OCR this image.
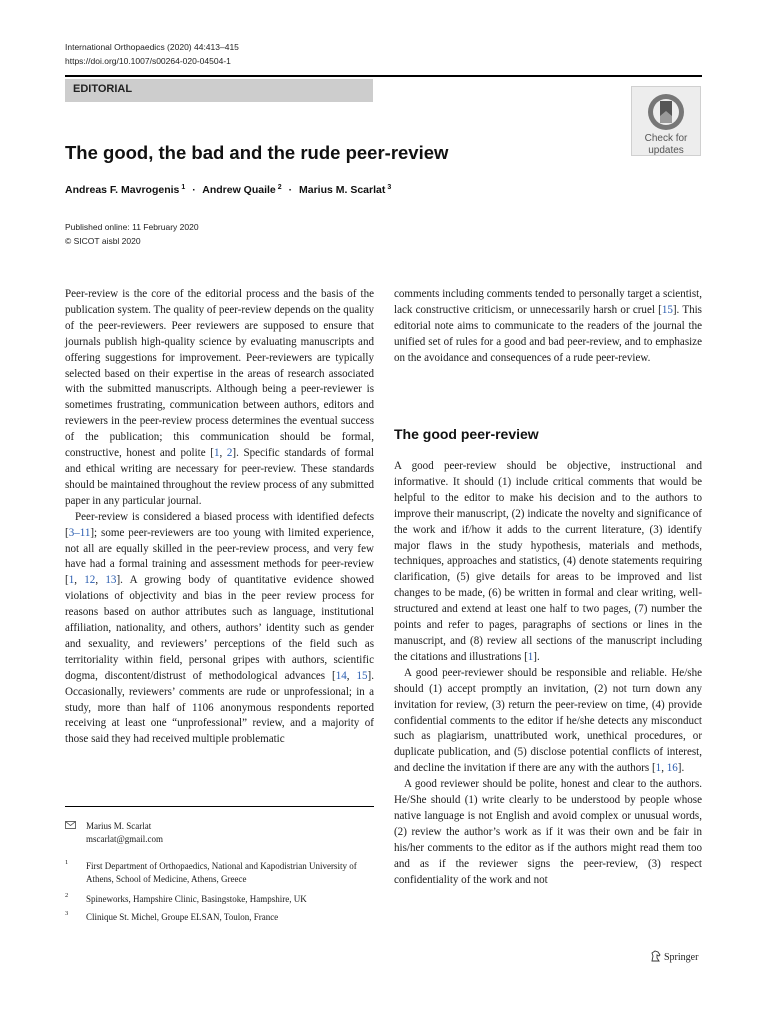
International Orthopaedics (2020) 44:413–415
https://doi.org/10.1007/s00264-020-04504-1
EDITORIAL
Check for
updates
The good, the bad and the rude peer-review
Andreas F. Mavrogenis $^1$ · Andrew Quaile $^2$ · Marius M. Scarlat $^3$
Published online: 11 February 2020
© SICOT aisbl 2020

Peer-review is the core of the editorial process and the basis of the publication system. The quality of peer-review depends on the quality of the peer-reviewers. Peer reviewers are supposed to ensure that journals publish high-quality science by evaluating manuscripts and offering suggestions for improvement. Peer-reviewers are typically selected based on their expertise in the areas of research associated with the submitted manuscripts. Although being a peer-reviewer is sometimes frustrating, communication between authors, editors and reviewers in the peer-review process determines the eventual success of the publication; this communication should be formal, constructive, honest and polite [1, 2]. Specific standards of formal and ethical writing are necessary for peer-review. These standards should be maintained throughout the review process of any submitted paper in any particular journal.

Peer-review is considered a biased process with identified defects [3–11]; some peer-reviewers are too young with limited experience, not all are equally skilled in the peer-review process, and very few have had a formal training and assessment methods for peer-review [1, 12, 13]. A growing body of quantitative evidence showed violations of objectivity and bias in the peer review process for reasons based on author attributes such as language, institutional affiliation, nationality, and others, authors’ identity such as gender and sexuality, and reviewers’ perceptions of the field such as territoriality within field, personal gripes with authors, scientific dogma, discontent/distrust of methodological advances [14, 15]. Occasionally, reviewers’ comments are rude or unprofessional; in a study, more than half of 1106 anonymous respondents reported receiving at least one “unprofessional” review, and a majority of those said they had received multiple problematic

comments including comments tended to personally target a scientist, lack constructive criticism, or unnecessarily harsh or cruel [15]. This editorial note aims to communicate to the readers of the journal the unified set of rules for a good and bad peer-review, and to emphasize on the avoidance and consequences of a rude peer-review.

The good peer-review

A good peer-review should be objective, instructional and informative. It should (1) include critical comments that would be helpful to the editor to make his decision and to the authors to improve their manuscript, (2) indicate the novelty and significance of the work and if/how it adds to the current literature, (3) identify major flaws in the study hypothesis, materials and methods, techniques, approaches and statistics, (4) denote statements requiring clarification, (5) give details for areas to be improved and list changes to be made, (6) be written in formal and clear writing, well-structured and extend at least one half to two pages, (7) number the points and refer to pages, paragraphs of sections or lines in the manuscript, and (8) review all sections of the manuscript including the citations and illustrations [1].

A good peer-reviewer should be responsible and reliable. He/she should (1) accept promptly an invitation, (2) not turn down any invitation for review, (3) return the peer-review on time, (4) provide confidential comments to the editor if he/she detects any misconduct such as plagiarism, unattributed work, unethical procedures, or duplicate publication, and (5) disclose potential conflicts of interest, and decline the invitation if there are any with the authors [1, 16].

A good reviewer should be polite, honest and clear to the authors. He/She should (1) write clearly to be understood by people whose native language is not English and avoid complex or unusual words, (2) review the author’s work as if it was their own and be fair in his/her comments to the editor as if the authors might read them too and as if the reviewer signs the peer-review, (3) respect confidentiality of the work and not

Marius M. Scarlat
mscarlat@gmail.com
1 First Department of Orthopaedics, National and Kapodistrian University of Athens, School of Medicine, Athens, Greece
2 Spineworks, Hampshire Clinic, Basingstoke, Hampshire, UK
3 Clinique St. Michel, Groupe ELSAN, Toulon, France
Springer
